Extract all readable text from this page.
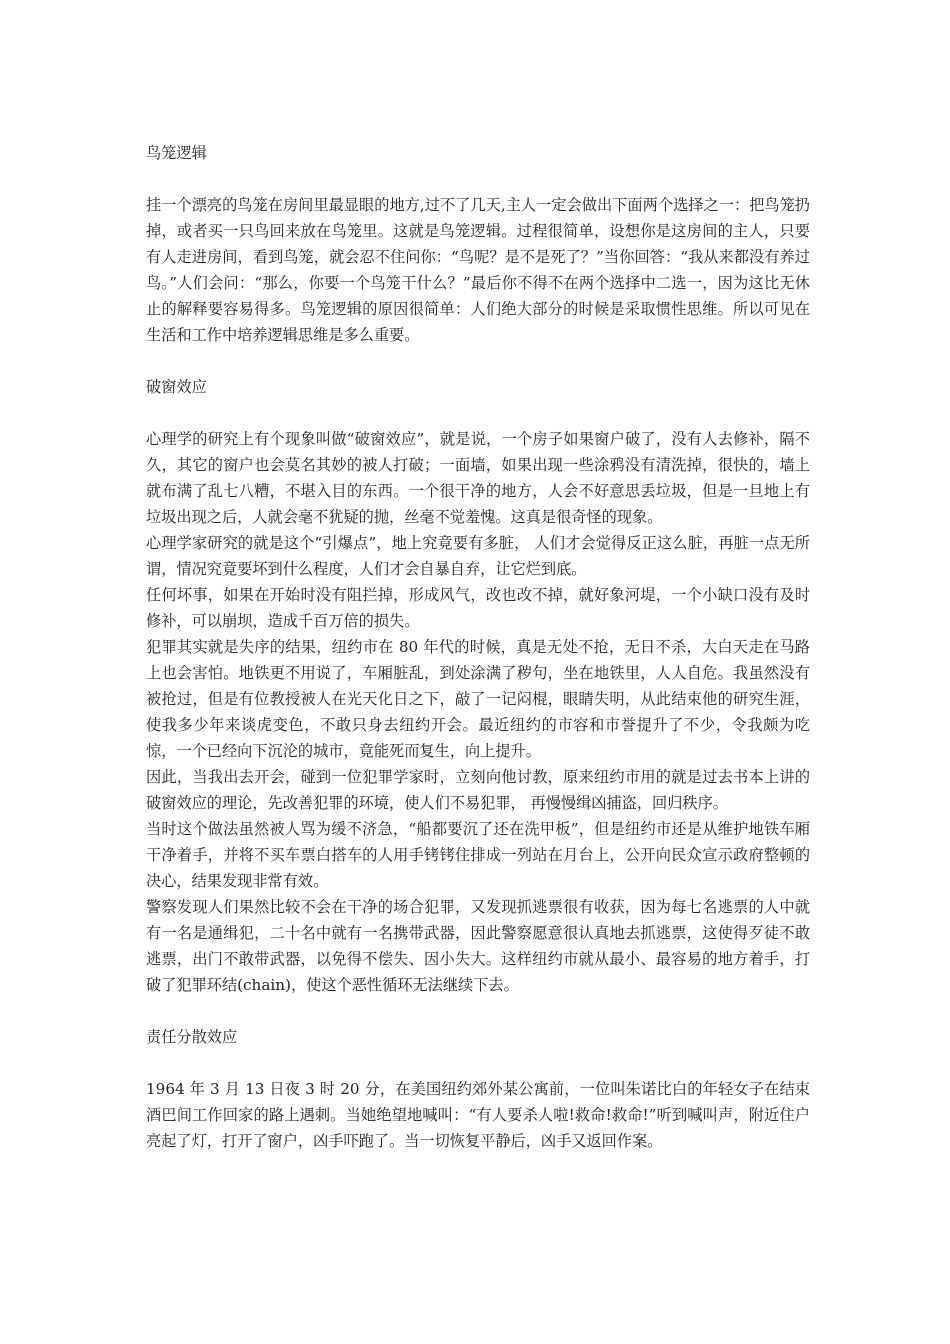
鸟笼逻辑

挂一个漂亮的鸟笼在房间里最显眼的地方,过不了几天,主人一定会做出下面两个选择之一：把鸟笼扔掉，或者买一只鸟回来放在鸟笼里。这就是鸟笼逻辑。过程很简单，设想你是这房间的主人，只要有人走进房间，看到鸟笼，就会忍不住问你：“鸟呢？是不是死了？”当你回答：“我从来都没有养过鸟。”人们会问：“那么，你要一个鸟笼干什么？”最后你不得不在两个选择中二选一，因为这比无休止的解释要容易得多。鸟笼逻辑的原因很简单：人们绝大部分的时候是采取惯性思维。所以可见在生活和工作中培养逻辑思维是多么重要。

破窗效应

心理学的研究上有个现象叫做“破窗效应”，就是说，一个房子如果窗户破了，没有人去修补，隔不久，其它的窗户也会莫名其妙的被人打破；一面墙，如果出现一些涂鸦没有清洗掉，很快的，墙上就布满了乱七八糟，不堪入目的东西。一个很干净的地方，人会不好意思丢垃圾，但是一旦地上有垃圾出现之后，人就会毫不犹疑的抛，丝毫不觉羞愧。这真是很奇怪的现象。

心理学家研究的就是这个“引爆点”，地上究竟要有多脏， 人们才会觉得反正这么脏，再脏一点无所谓，情况究竟要坏到什么程度，人们才会自暴自弃，让它烂到底。

任何坏事，如果在开始时没有阻拦掉，形成风气，改也改不掉，就好象河堤，一个小缺口没有及时修补，可以崩坝，造成千百万倍的损失。

犯罪其实就是失序的结果，纽约市在 80 年代的时候，真是无处不抢，无日不杀，大白天走在马路上也会害怕。地铁更不用说了，车厢脏乱，到处涂满了秽句，坐在地铁里，人人自危。我虽然没有被抢过，但是有位教授被人在光天化日之下，敲了一记闷棍，眼睛失明，从此结束他的研究生涯，使我多少年来谈虎变色，不敢只身去纽约开会。最近纽约的市容和市誉提升了不少，令我颇为吃惊，一个已经向下沉沦的城市，竟能死而复生，向上提升。

因此，当我出去开会，碰到一位犯罪学家时，立刻向他讨教，原来纽约市用的就是过去书本上讲的破窗效应的理论，先改善犯罪的环境，使人们不易犯罪， 再慢慢缉凶捕盗，回归秩序。

当时这个做法虽然被人骂为缓不济急，“船都要沉了还在洗甲板”，但是纽约市还是从维护地铁车厢干净着手，并将不买车票白搭车的人用手铐铐住排成一列站在月台上，公开向民众宣示政府整顿的决心，结果发现非常有效。

警察发现人们果然比较不会在干净的场合犯罪，又发现抓逃票很有收获，因为每七名逃票的人中就有一名是通缉犯，二十名中就有一名携带武器，因此警察愿意很认真地去抓逃票，这使得歹徒不敢逃票，出门不敢带武器，以免得不偿失、因小失大。这样纽约市就从最小、最容易的地方着手，打破了犯罪环结(chain)，使这个恶性循环无法继续下去。

责任分散效应

1964 年 3 月 13 日夜 3 时 20 分，在美国纽约郊外某公寓前，一位叫朱诺比白的年轻女子在结束酒巴间工作回家的路上遇刺。当她绝望地喊叫：“有人要杀人啦!救命!救命!”听到喊叫声，附近住户亮起了灯，打开了窗户，凶手吓跑了。当一切恢复平静后，凶手又返回作案。
